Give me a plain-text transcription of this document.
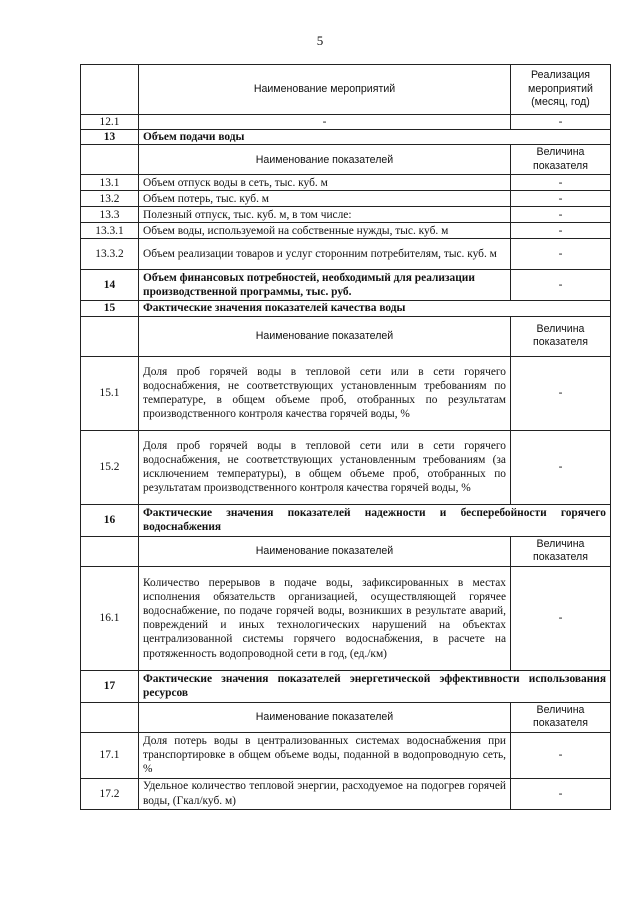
5
	Наименование мероприятий	Реализация мероприятий (месяц, год)
12.1	-	-
13	Объем подачи воды	
	Наименование показателей	Величина показателя
13.1	Объем отпуск воды в сеть, тыс. куб. м	-
13.2	Объем потерь, тыс. куб. м	-
13.3	Полезный отпуск, тыс. куб. м, в том числе:	-
13.3.1	Объем воды, используемой на собственные нужды, тыс. куб. м	-
13.3.2	Объем реализации товаров и услуг сторонним потребителям, тыс. куб. м	-
14	Объем финансовых потребностей, необходимый для реализации производственной программы, тыс. руб.	-
15	Фактические значения показателей качества воды	
	Наименование показателей	Величина показателя
15.1	Доля проб горячей воды в тепловой сети или в сети горячего водоснабжения, не соответствующих установленным требованиям по температуре, в общем объеме проб, отобранных по результатам производственного контроля качества горячей воды, %	-
15.2	Доля проб горячей воды в тепловой сети или в сети горячего водоснабжения, не соответствующих установленным требованиям (за исключением температуры), в общем объеме проб, отобранных по результатам производственного контроля качества горячей воды, %	-
16	Фактические значения показателей надежности и бесперебойности горячего водоснабжения	
	Наименование показателей	Величина показателя
16.1	Количество перерывов в подаче воды, зафиксированных в местах исполнения обязательств организацией, осуществляющей горячее водоснабжение, по подаче горячей воды, возникших в результате аварий, повреждений и иных технологических нарушений на объектах централизованной системы горячего водоснабжения, в расчете на протяженность водопроводной сети в год, (ед./км)	-
17	Фактические значения показателей энергетической эффективности использования ресурсов	
	Наименование показателей	Величина показателя
17.1	Доля потерь воды в централизованных системах водоснабжения при транспортировке в общем объеме воды, поданной в водопроводную сеть, %	-
17.2	Удельное количество тепловой энергии, расходуемое на подогрев горячей воды, (Гкал/куб. м)	-
